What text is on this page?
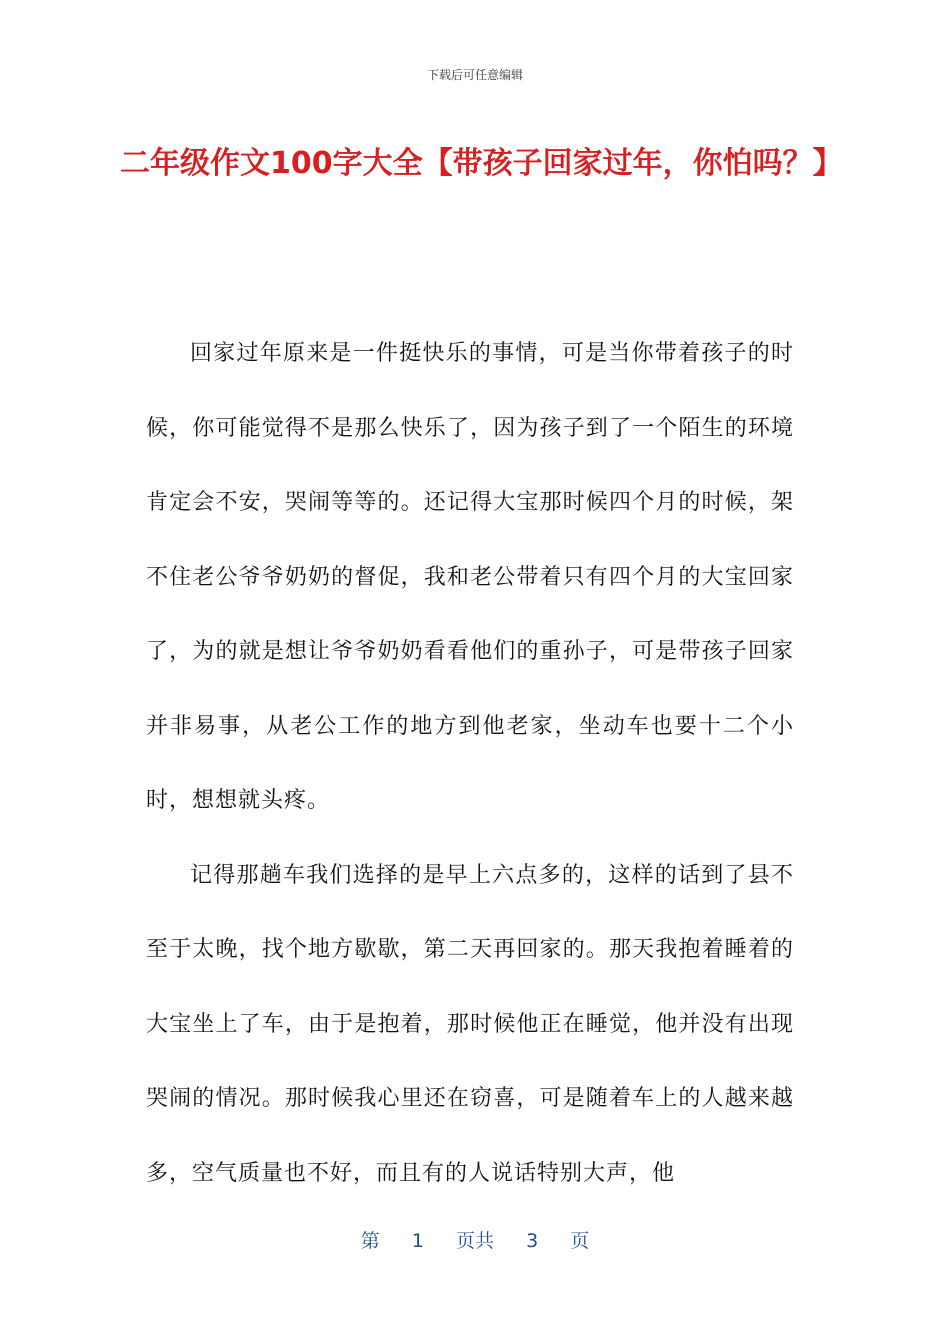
下载后可任意编辑
二年级作文100字大全【带孩子回家过年，你怕吗？】

回家过年原来是一件挺快乐的事情，可是当你带着孩子的时候，你可能觉得不是那么快乐了，因为孩子到了一个陌生的环境肯定会不安，哭闹等等的。还记得大宝那时候四个月的时候，架不住老公爷爷奶奶的督促，我和老公带着只有四个月的大宝回家了，为的就是想让爷爷奶奶看看他们的重孙子，可是带孩子回家并非易事，从老公工作的地方到他老家，坐动车也要十二个小时，想想就头疼。

记得那趟车我们选择的是早上六点多的，这样的话到了县不至于太晚，找个地方歇歇，第二天再回家的。那天我抱着睡着的大宝坐上了车，由于是抱着，那时候他正在睡觉，他并没有出现哭闹的情况。那时候我心里还在窃喜，可是随着车上的人越来越多，空气质量也不好，而且有的人说话特别大声，他

第 1 页共 3 页
